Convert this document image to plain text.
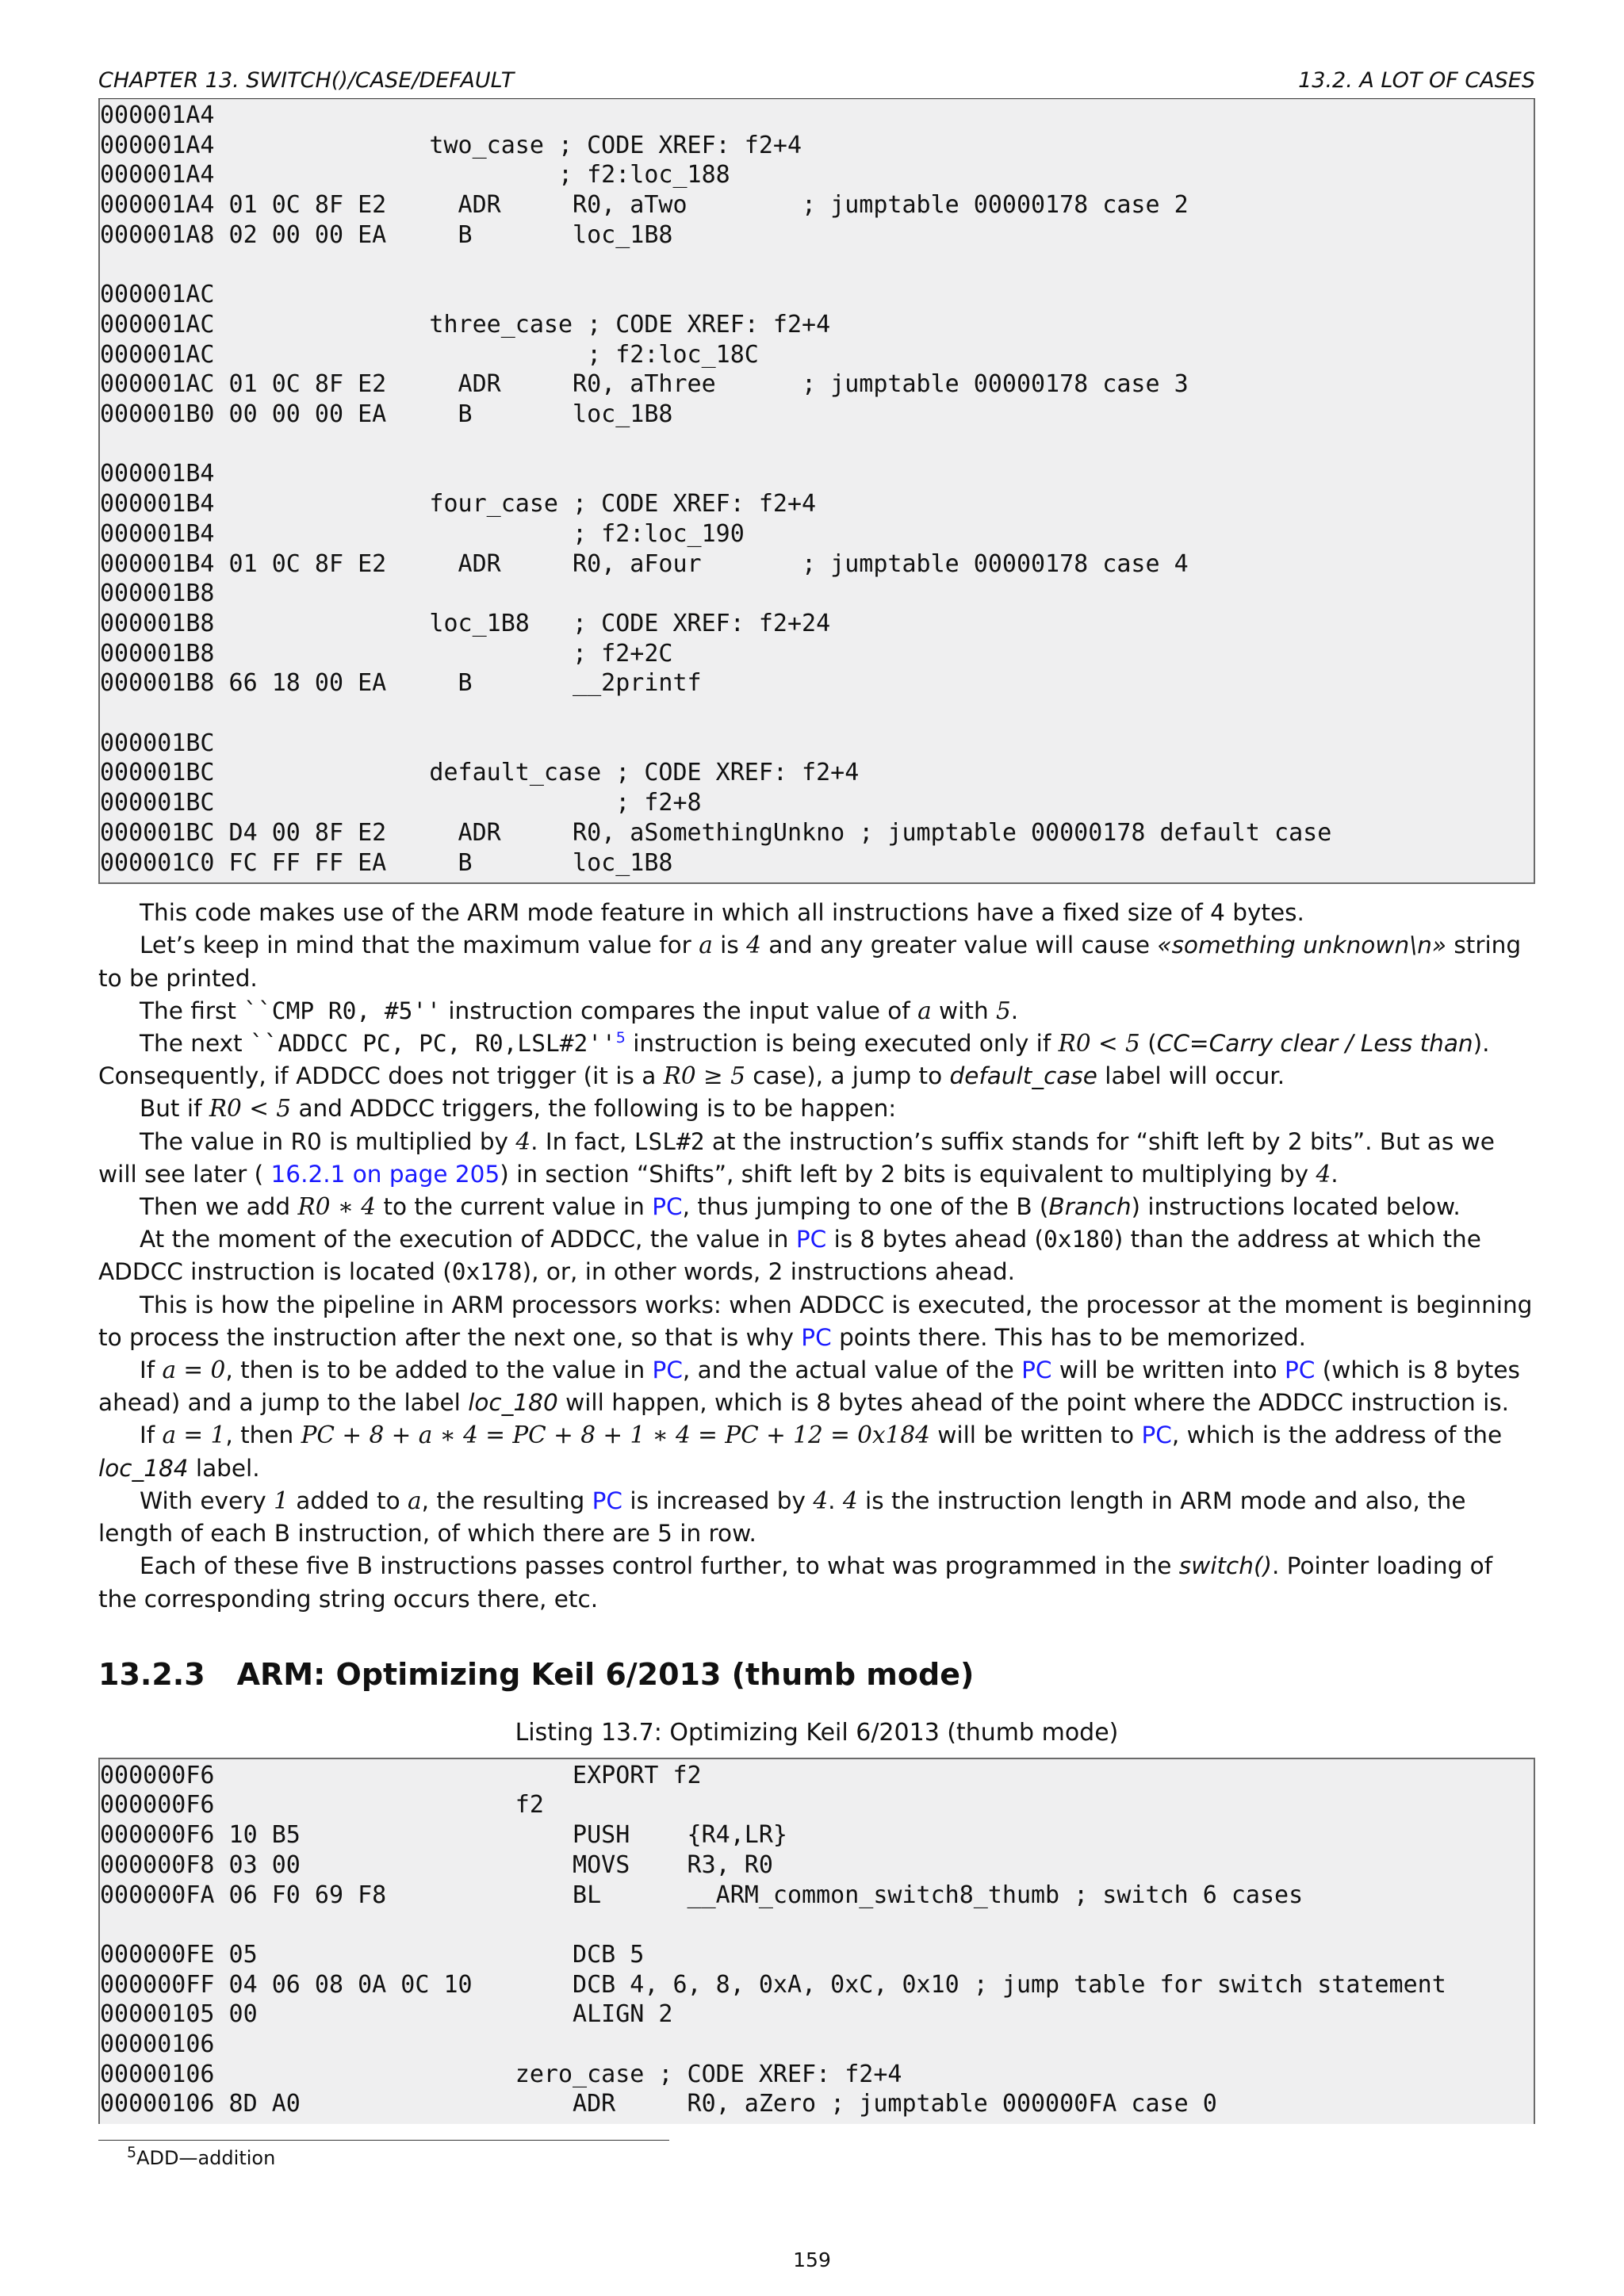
CHAPTER 13. SWITCH()/CASE/DEFAULT	13.2. A LOT OF CASES
000001A4
000001A4               two_case ; CODE XREF: f2+4
000001A4                        ; f2:loc_188
000001A4 01 0C 8F E2     ADR     R0, aTwo        ; jumptable 00000178 case 2
000001A8 02 00 00 EA     B       loc_1B8
000001AC
000001AC               three_case ; CODE XREF: f2+4
000001AC                          ; f2:loc_18C
000001AC 01 0C 8F E2     ADR     R0, aThree      ; jumptable 00000178 case 3
000001B0 00 00 00 EA     B       loc_1B8
000001B4
000001B4               four_case ; CODE XREF: f2+4
000001B4                         ; f2:loc_190
000001B4 01 0C 8F E2     ADR     R0, aFour       ; jumptable 00000178 case 4
000001B8
000001B8               loc_1B8   ; CODE XREF: f2+24
000001B8                         ; f2+2C
000001B8 66 18 00 EA     B       __2printf
000001BC
000001BC               default_case ; CODE XREF: f2+4
000001BC                            ; f2+8
000001BC D4 00 8F E2     ADR     R0, aSomethingUnkno ; jumptable 00000178 default case
000001C0 FC FF FF EA     B       loc_1B8

This code makes use of the ARM mode feature in which all instructions have a fixed size of 4 bytes.

Let’s keep in mind that the maximum value for a is 4 and any greater value will cause «something unknown\n» string to be printed.

The first ``CMP R0, #5'' instruction compares the input value of a with 5.

The next ``ADDCC PC, PC, $R0,LSL\#2''^5$ instruction is being executed only if R0 < 5 (CC=Carry clear / Less than). Consequently, if ADDCC does not trigger (it is a R0 ≥ 5 case), a jump to default_case label will occur.

But if R0 < 5 and ADDCC triggers, the following is to be happen:

The value in R0 is multiplied by 4. In fact, LSL#2 at the instruction’s suffix stands for “shift left by 2 bits”. But as we will see later ( 16.2.1 on page 205) in section “Shifts”, shift left by 2 bits is equivalent to multiplying by 4.

Then we add R0 ∗ 4 to the current value in PC, thus jumping to one of the B (Branch) instructions located below.

At the moment of the execution of ADDCC, the value in PC is 8 bytes ahead (0x180) than the address at which the ADDCC instruction is located (0x178), or, in other words, 2 instructions ahead.

This is how the pipeline in ARM processors works: when ADDCC is executed, the processor at the moment is beginning to process the instruction after the next one, so that is why PC points there. This has to be memorized.

If a = 0, then is to be added to the value in PC, and the actual value of the PC will be written into PC (which is 8 bytes ahead) and a jump to the label loc_180 will happen, which is 8 bytes ahead of the point where the ADDCC instruction is.

If a = 1, then PC + 8 + a ∗ 4 = PC + 8 + 1 ∗ 4 = PC + 12 = 0x184 will be written to PC, which is the address of the loc_184 label.

With every 1 added to a, the resulting PC is increased by 4. 4 is the instruction length in ARM mode and also, the length of each B instruction, of which there are 5 in row.

Each of these five B instructions passes control further, to what was programmed in the switch(). Pointer loading of the corresponding string occurs there, etc.

13.2.3 ARM: Optimizing Keil 6/2013 (thumb mode)
Listing 13.7: Optimizing Keil 6/2013 (thumb mode)
000000F6                         EXPORT f2
000000F6                     f2
000000F6 10 B5                   PUSH    {R4,LR}
000000F8 03 00                   MOVS    R3, R0
000000FA 06 F0 69 F8             BL      __ARM_common_switch8_thumb ; switch 6 cases
000000FE 05                      DCB 5
000000FF 04 06 08 0A 0C 10       DCB 4, 6, 8, 0xA, 0xC, 0x10 ; jump table for switch statement
00000105 00                      ALIGN 2
00000106
00000106                     zero_case ; CODE XREF: f2+4
00000106 8D A0                   ADR     R0, aZero ; jumptable 000000FA case 0
$^5$ADD—addition
159
